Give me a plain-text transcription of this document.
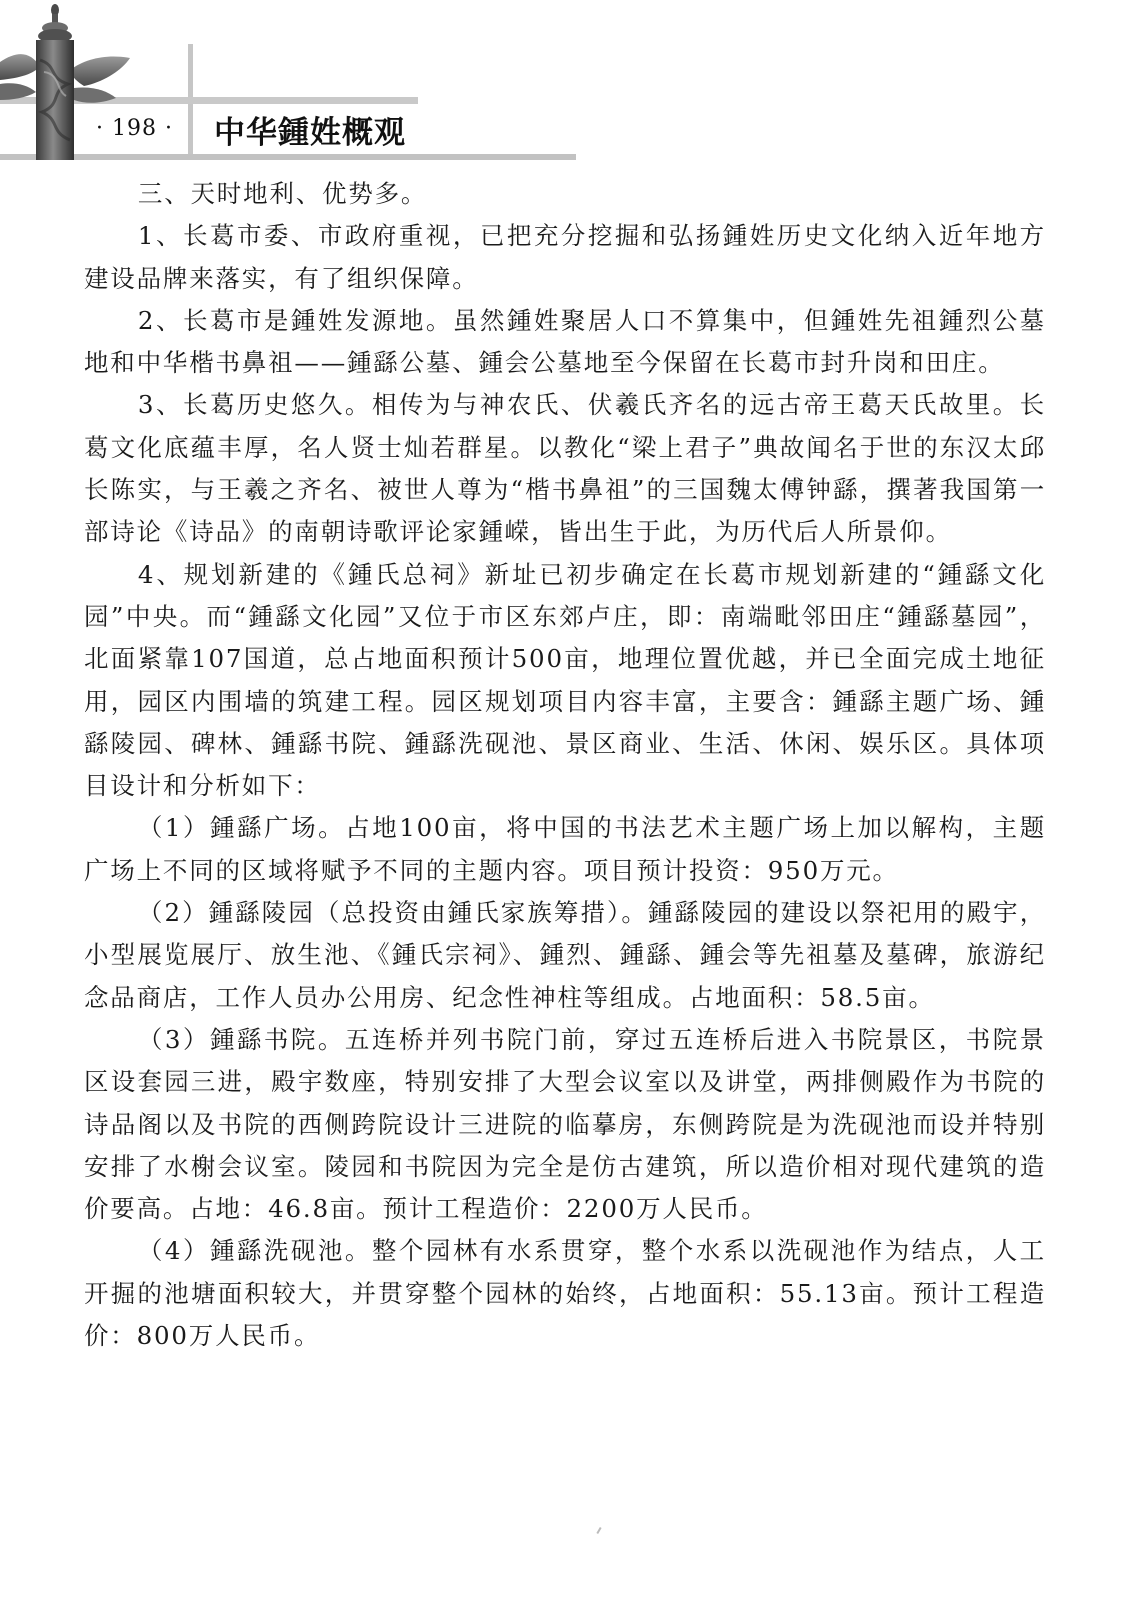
· 198 · 中华鍾姓概观

三、天时地利、优势多。

1、长葛市委、市政府重视，已把充分挖掘和弘扬鍾姓历史文化纳入近年地方建设品牌来落实，有了组织保障。

2、长葛市是鍾姓发源地。虽然鍾姓聚居人口不算集中，但鍾姓先祖鍾烈公墓地和中华楷书鼻祖——鍾繇公墓、鍾会公墓地至今保留在长葛市封升岗和田庄。

3、长葛历史悠久。相传为与神农氏、伏羲氏齐名的远古帝王葛天氏故里。长葛文化底蕴丰厚，名人贤士灿若群星。以教化“梁上君子”典故闻名于世的东汉太邱长陈实，与王羲之齐名、被世人尊为“楷书鼻祖”的三国魏太傅钟繇，撰著我国第一部诗论《诗品》的南朝诗歌评论家鍾嵘，皆出生于此，为历代后人所景仰。

4、规划新建的《鍾氏总祠》新址已初步确定在长葛市规划新建的“鍾繇文化园”中央。而“鍾繇文化园”又位于市区东郊卢庄，即：南端毗邻田庄“鍾繇墓园”，北面紧靠107国道，总占地面积预计500亩，地理位置优越，并已全面完成土地征用，园区内围墙的筑建工程。园区规划项目内容丰富，主要含：鍾繇主题广场、鍾繇陵园、碑林、鍾繇书院、鍾繇洗砚池、景区商业、生活、休闲、娱乐区。具体项目设计和分析如下：

（1）鍾繇广场。占地100亩，将中国的书法艺术主题广场上加以解构，主题广场上不同的区域将赋予不同的主题内容。项目预计投资：950万元。

（2）鍾繇陵园（总投资由鍾氏家族筹措）。鍾繇陵园的建设以祭祀用的殿宇，小型展览展厅、放生池、《鍾氏宗祠》、鍾烈、鍾繇、鍾会等先祖墓及墓碑，旅游纪念品商店，工作人员办公用房、纪念性神柱等组成。占地面积：58.5亩。

（3）鍾繇书院。五连桥并列书院门前，穿过五连桥后进入书院景区，书院景区设套园三进，殿宇数座，特别安排了大型会议室以及讲堂，两排侧殿作为书院的诗品阁以及书院的西侧跨院设计三进院的临摹房，东侧跨院是为洗砚池而设并特别安排了水榭会议室。陵园和书院因为完全是仿古建筑，所以造价相对现代建筑的造价要高。占地：46.8亩。预计工程造价：2200万人民币。

（4）鍾繇洗砚池。整个园林有水系贯穿，整个水系以洗砚池作为结点，人工开掘的池塘面积较大，并贯穿整个园林的始终，占地面积：55.13亩。预计工程造价：800万人民币。
